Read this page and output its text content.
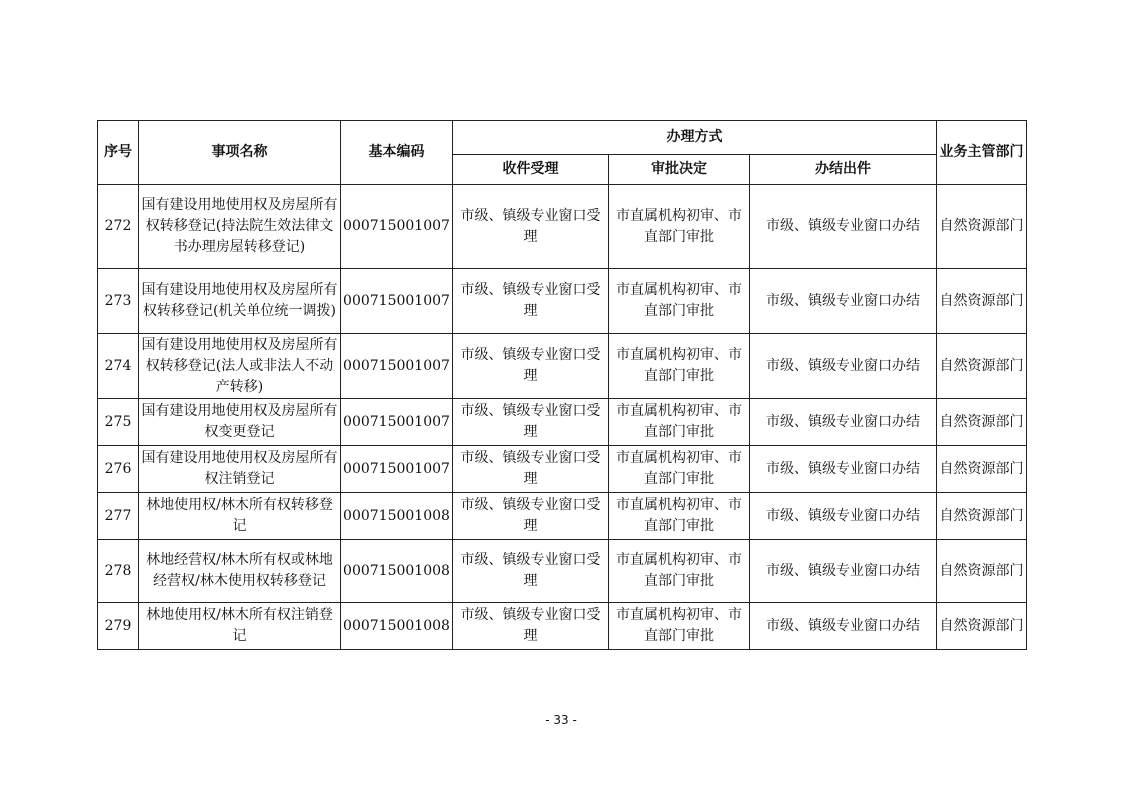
序号	事项名称	基本编码	办理方式			业务主管部门
			收件受理	审批决定	办结出件	
272	国有建设用地使用权及房屋所有权转移登记(持法院生效法律文书办理房屋转移登记)	000715001007	市级、镇级专业窗口受理	市直属机构初审、市直部门审批	市级、镇级专业窗口办结	自然资源部门
273	国有建设用地使用权及房屋所有权转移登记(机关单位统一调拨)	000715001007	市级、镇级专业窗口受理	市直属机构初审、市直部门审批	市级、镇级专业窗口办结	自然资源部门
274	国有建设用地使用权及房屋所有权转移登记(法人或非法人不动产转移)	000715001007	市级、镇级专业窗口受理	市直属机构初审、市直部门审批	市级、镇级专业窗口办结	自然资源部门
275	国有建设用地使用权及房屋所有权变更登记	000715001007	市级、镇级专业窗口受理	市直属机构初审、市直部门审批	市级、镇级专业窗口办结	自然资源部门
276	国有建设用地使用权及房屋所有权注销登记	000715001007	市级、镇级专业窗口受理	市直属机构初审、市直部门审批	市级、镇级专业窗口办结	自然资源部门
277	林地使用权/林木所有权转移登记	000715001008	市级、镇级专业窗口受理	市直属机构初审、市直部门审批	市级、镇级专业窗口办结	自然资源部门
278	林地经营权/林木所有权或林地经营权/林木使用权转移登记	000715001008	市级、镇级专业窗口受理	市直属机构初审、市直部门审批	市级、镇级专业窗口办结	自然资源部门
279	林地使用权/林木所有权注销登记	000715001008	市级、镇级专业窗口受理	市直属机构初审、市直部门审批	市级、镇级专业窗口办结	自然资源部门
- 33 -
